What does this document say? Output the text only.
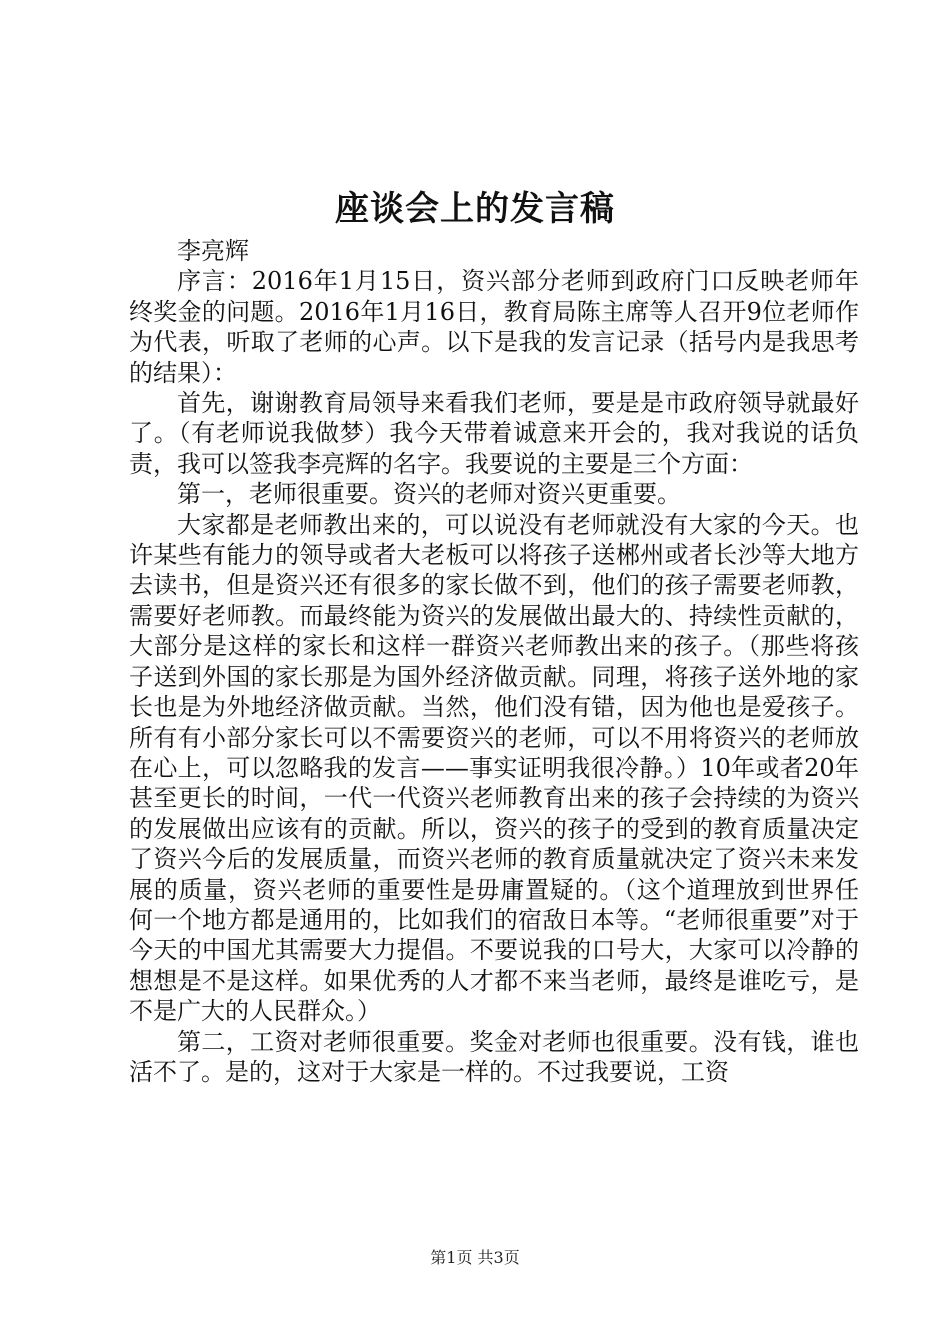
座谈会上的发言稿

李亮辉

序言：2016年1月15日，资兴部分老师到政府门口反映老师年终奖金的问题。2016年1月16日，教育局陈主席等人召开9位老师作为代表，听取了老师的心声。以下是我的发言记录（括号内是我思考的结果）：

首先，谢谢教育局领导来看我们老师，要是是市政府领导就最好了。（有老师说我做梦）我今天带着诚意来开会的，我对我说的话负责，我可以签我李亮辉的名字。我要说的主要是三个方面：

第一，老师很重要。资兴的老师对资兴更重要。

大家都是老师教出来的，可以说没有老师就没有大家的今天。也许某些有能力的领导或者大老板可以将孩子送郴州或者长沙等大地方去读书，但是资兴还有很多的家长做不到，他们的孩子需要老师教，需要好老师教。而最终能为资兴的发展做出最大的、持续性贡献的，大部分是这样的家长和这样一群资兴老师教出来的孩子。（那些将孩子送到外国的家长那是为国外经济做贡献。同理，将孩子送外地的家长也是为外地经济做贡献。当然，他们没有错，因为他也是爱孩子。所有有小部分家长可以不需要资兴的老师，可以不用将资兴的老师放在心上，可以忽略我的发言——事实证明我很冷静。）10年或者20年甚至更长的时间，一代一代资兴老师教育出来的孩子会持续的为资兴的发展做出应该有的贡献。所以，资兴的孩子的受到的教育质量决定了资兴今后的发展质量，而资兴老师的教育质量就决定了资兴未来发展的质量，资兴老师的重要性是毋庸置疑的。（这个道理放到世界任何一个地方都是通用的，比如我们的宿敌日本等。“老师很重要”对于今天的中国尤其需要大力提倡。不要说我的口号大，大家可以冷静的想想是不是这样。如果优秀的人才都不来当老师，最终是谁吃亏，是不是广大的人民群众。）

第二，工资对老师很重要。奖金对老师也很重要。没有钱，谁也活不了。是的，这对于大家是一样的。不过我要说，工资

第1页 共3页
